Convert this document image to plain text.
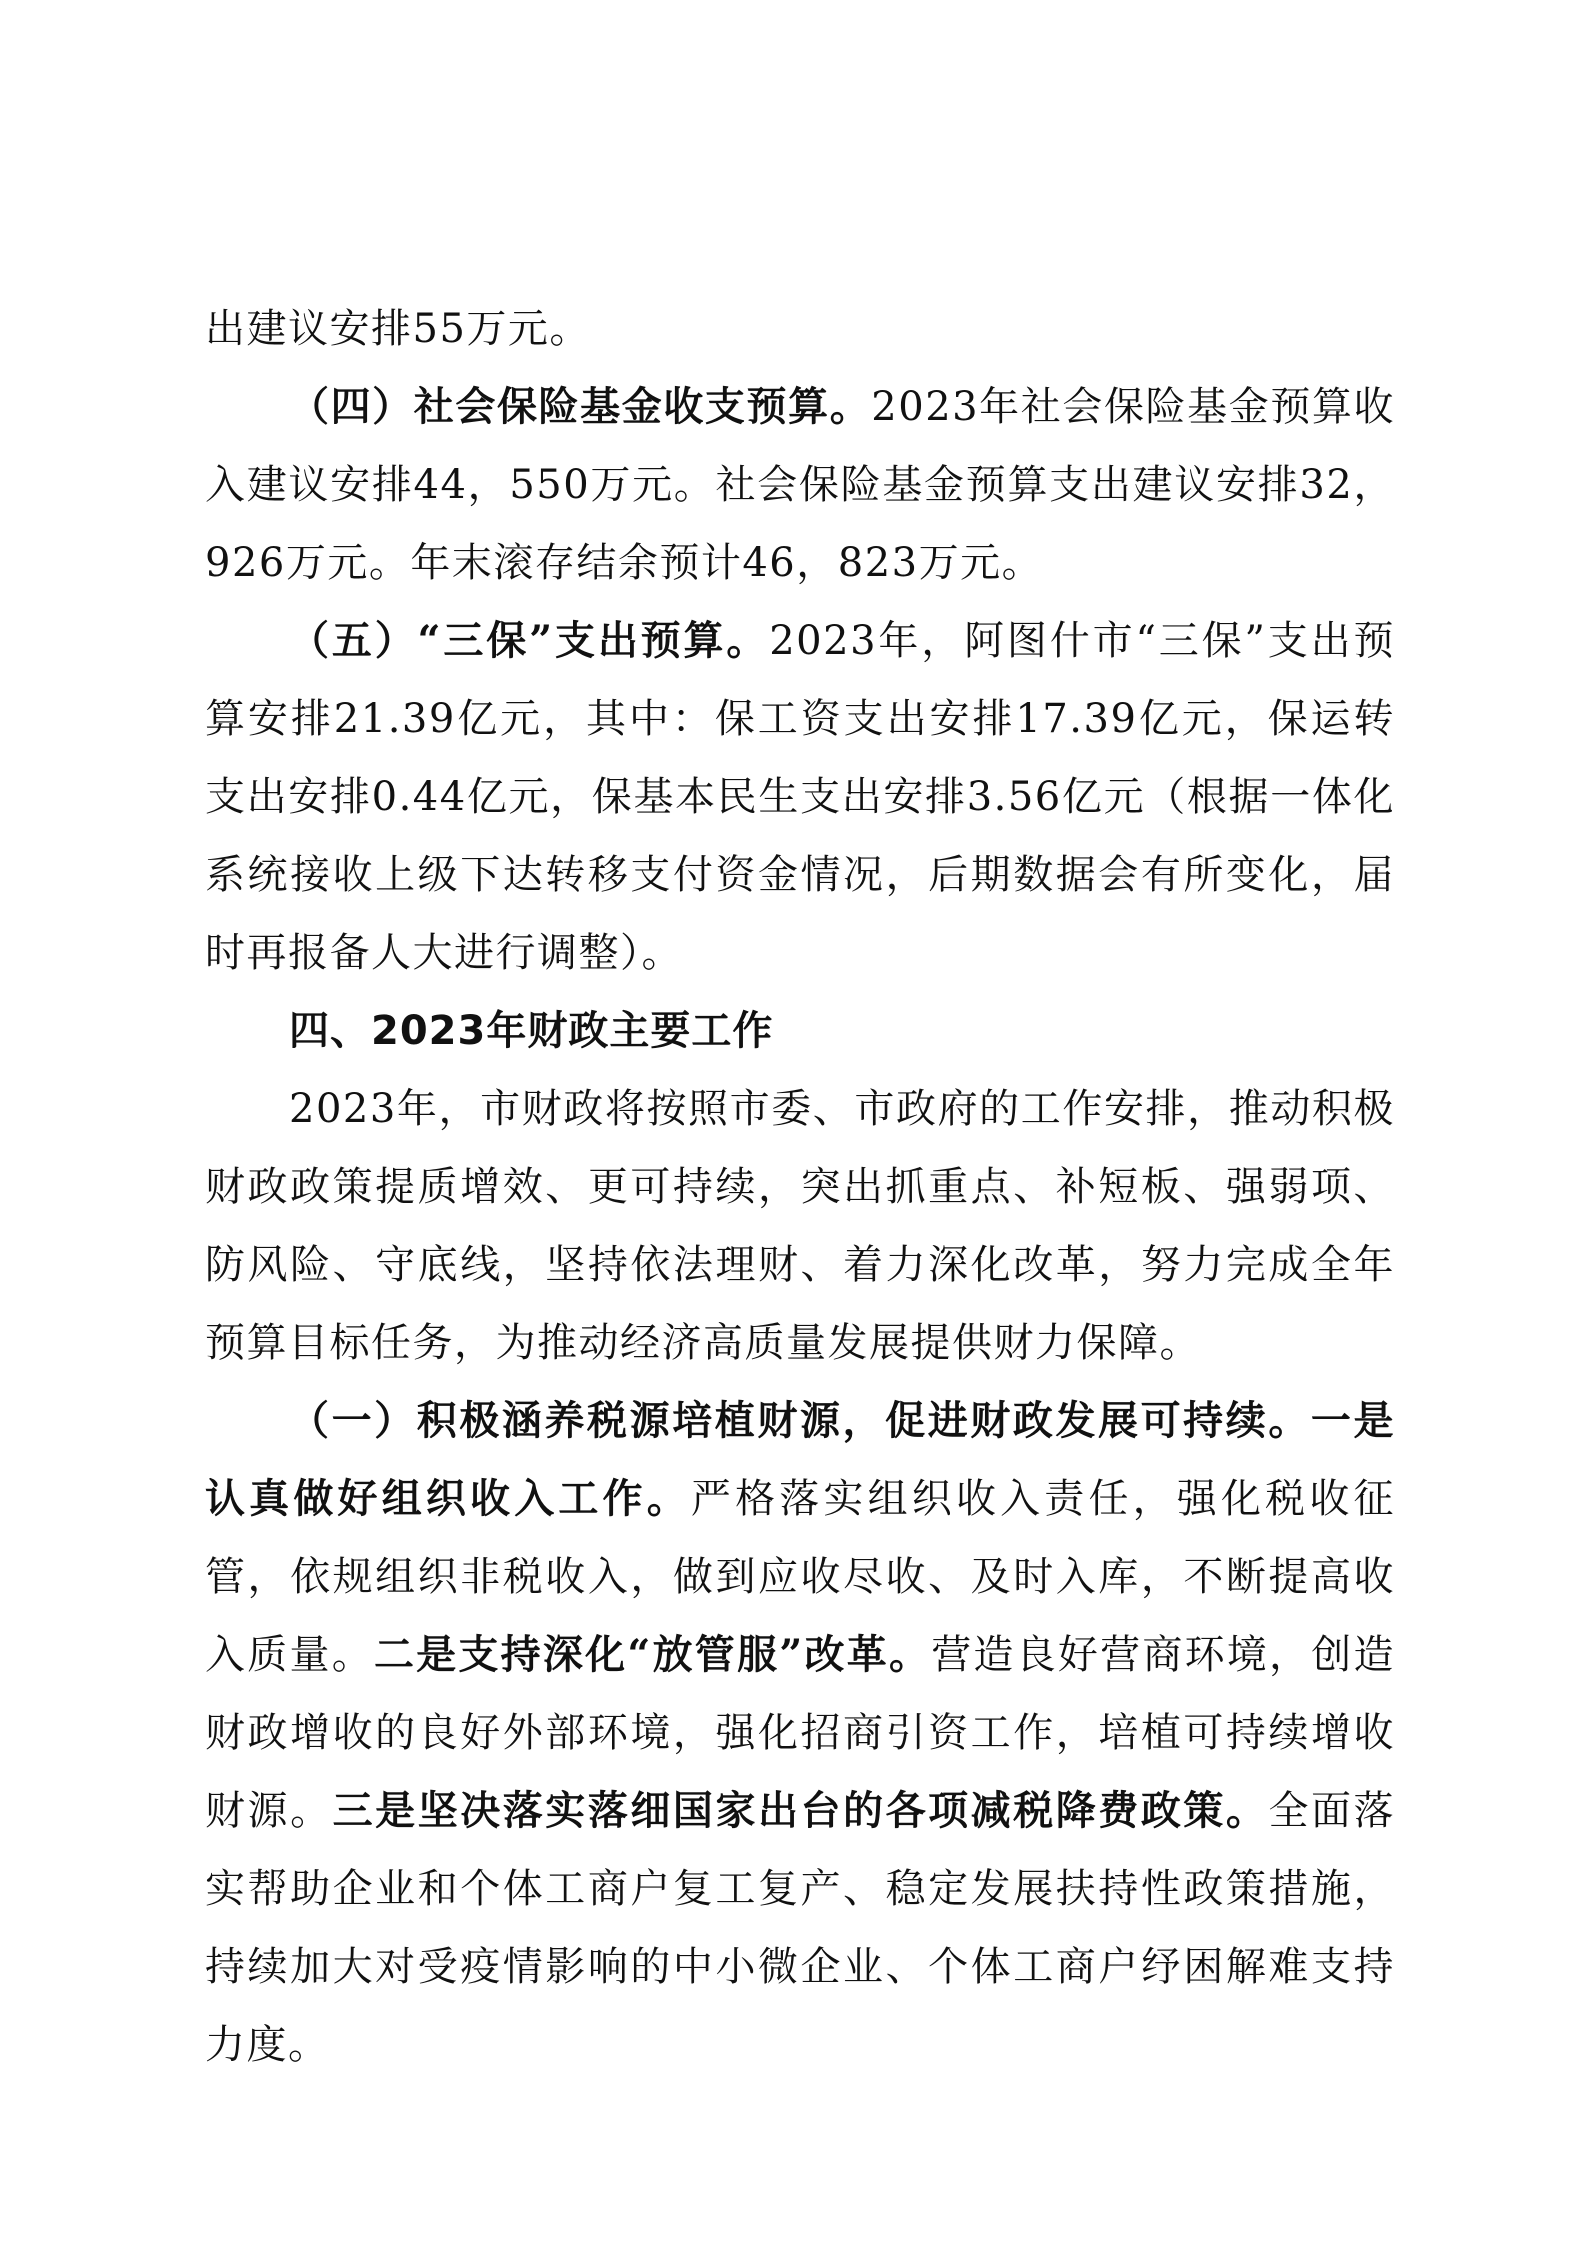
出建议安排55万元。

（四）社会保险基金收支预算。2023年社会保险基金预算收入建议安排44，550万元。社会保险基金预算支出建议安排32，926万元。年末滚存结余预计46，823万元。

（五）“三保”支出预算。2023年，阿图什市“三保”支出预算安排21.39亿元，其中：保工资支出安排17.39亿元，保运转支出安排0.44亿元，保基本民生支出安排3.56亿元（根据一体化系统接收上级下达转移支付资金情况，后期数据会有所变化，届时再报备人大进行调整）。

四、2023年财政主要工作

2023年，市财政将按照市委、市政府的工作安排，推动积极财政政策提质增效、更可持续，突出抓重点、补短板、强弱项、防风险、守底线，坚持依法理财、着力深化改革，努力完成全年预算目标任务，为推动经济高质量发展提供财力保障。

（一）积极涵养税源培植财源，促进财政发展可持续。一是认真做好组织收入工作。严格落实组织收入责任，强化税收征管，依规组织非税收入，做到应收尽收、及时入库，不断提高收入质量。二是支持深化“放管服”改革。营造良好营商环境，创造财政增收的良好外部环境，强化招商引资工作，培植可持续增收财源。三是坚决落实落细国家出台的各项减税降费政策。全面落实帮助企业和个体工商户复工复产、稳定发展扶持性政策措施，持续加大对受疫情影响的中小微企业、个体工商户纾困解难支持力度。
